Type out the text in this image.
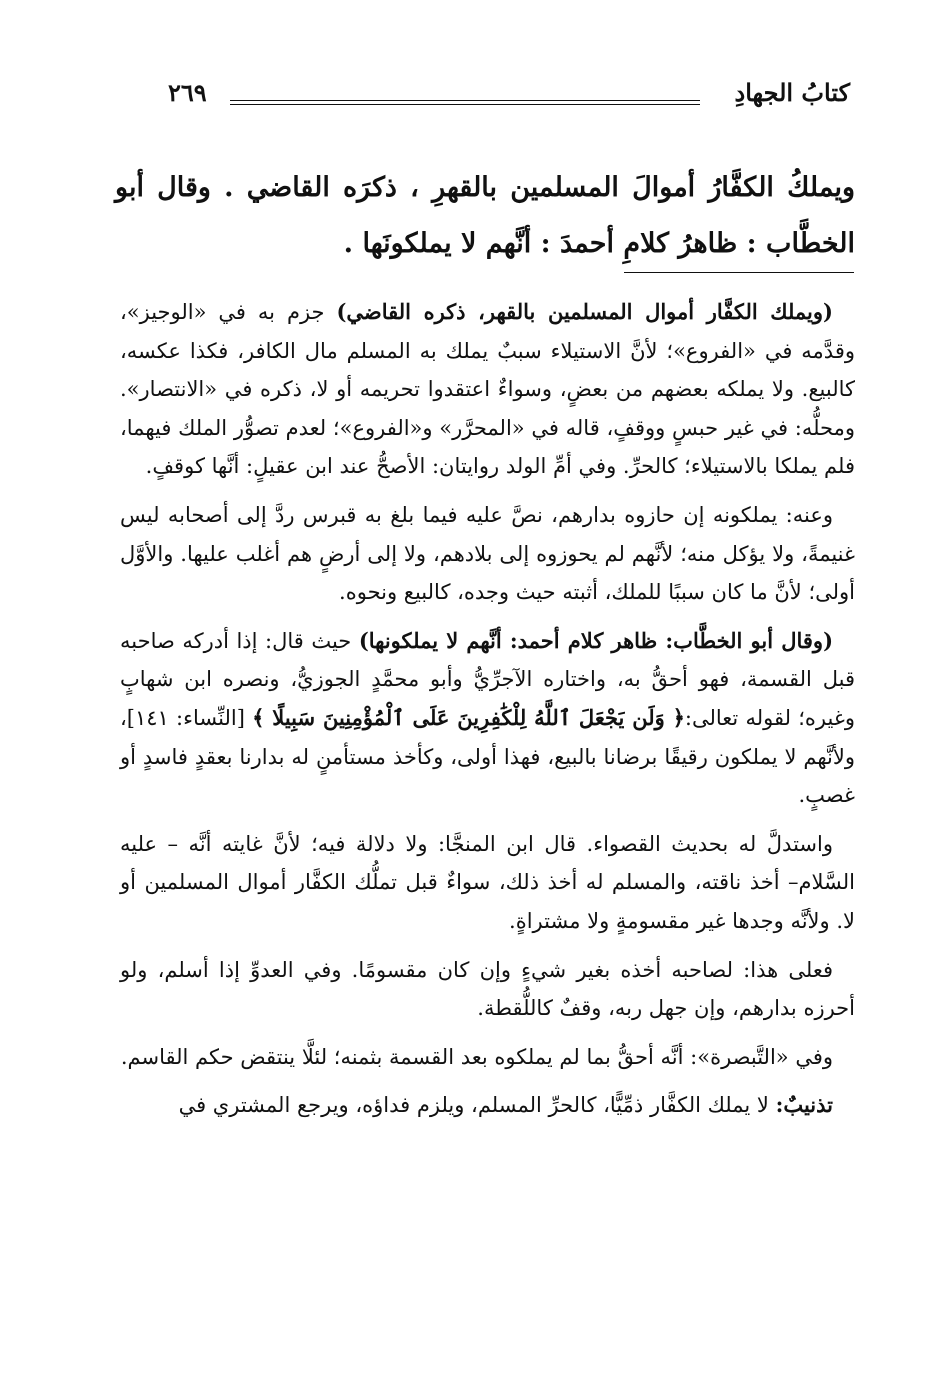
٢٦٩	كتابُ الجهادِ
ويملكُ الكفَّارُ أموالَ المسلمين بالقهرِ ، ذكرَه القاضي . وقال أبو الخطَّاب : ظاهرُ كلامِ أحمدَ : أنَّهم لا يملكونَها .

(ويملك الكفَّار أموال المسلمين بالقهر، ذكره القاضي) جزم به في «الوجيز»، وقدَّمه في «الفروع»؛ لأنَّ الاستيلاء سببٌ يملك به المسلم مال الكافر، فكذا عكسه، كالبيع. ولا يملكه بعضهم من بعضٍ، وسواءٌ اعتقدوا تحريمه أو لا، ذكره في «الانتصار». ومحلُّه: في غير حبسٍ ووقفٍ، قاله في «المحرَّر» و«الفروع»؛ لعدم تصوُّر الملك فيهما، فلم يملكا بالاستيلاء؛ كالحرِّ. وفي أمِّ الولد روايتان: الأصحُّ عند ابن عقيلٍ: أنَّها كوقفٍ.

وعنه: يملكونه إن حازوه بدارهم، نصَّ عليه فيما بلغ به قبرس ردَّ إلى أصحابه ليس غنيمةً، ولا يؤكل منه؛ لأنَّهم لم يحوزوه إلى بلادهم، ولا إلى أرضٍ هم أغلب عليها. والأوَّل أولى؛ لأنَّ ما كان سببًا للملك، أثبته حيث وجده، كالبيع ونحوه.

(وقال أبو الخطَّاب: ظاهر كلام أحمد: أنَّهم لا يملكونها) حيث قال: إذا أدركه صاحبه قبل القسمة، فهو أحقُّ به، واختاره الآجرِّيُّ وأبو محمَّدٍ الجوزيُّ، ونصره ابن شهابٍ وغيره؛ لقوله تعالى:﴿ وَلَن يَجْعَلَ ٱللَّهُ لِلْكَٰفِرِينَ عَلَى ٱلْمُؤْمِنِينَ سَبِيلًا ﴾ [النِّساء: ١٤١]، ولأنَّهم لا يملكون رقيقًا برضانا بالبيع، فهذا أولى، وكأخذ مستأمنٍ له بدارنا بعقدٍ فاسدٍ أو غصبٍ.

واستدلَّ له بحديث القصواء. قال ابن المنجَّا: ولا دلالة فيه؛ لأنَّ غايته أنَّه – عليه السَّلام– أخذ ناقته، والمسلم له أخذ ذلك، سواءٌ قبل تملُّك الكفَّار أموال المسلمين أو لا. ولأنَّه وجدها غير مقسومةٍ ولا مشتراةٍ.

فعلى هذا: لصاحبه أخذه بغير شيءٍ وإن كان مقسومًا. وفي العدوِّ إذا أسلم، ولو أحرزه بدارهم، وإن جهل ربه، وقفٌ كاللُّقطة.

وفي «التَّبصرة»: أنَّه أحقُّ بما لم يملكوه بعد القسمة بثمنه؛ لئلَّا ينتقض حكم القاسم.

تذنيبٌ: لا يملك الكفَّار ذمِّيًّا، كالحرِّ المسلم، ويلزم فداؤه، ويرجع المشتري في
